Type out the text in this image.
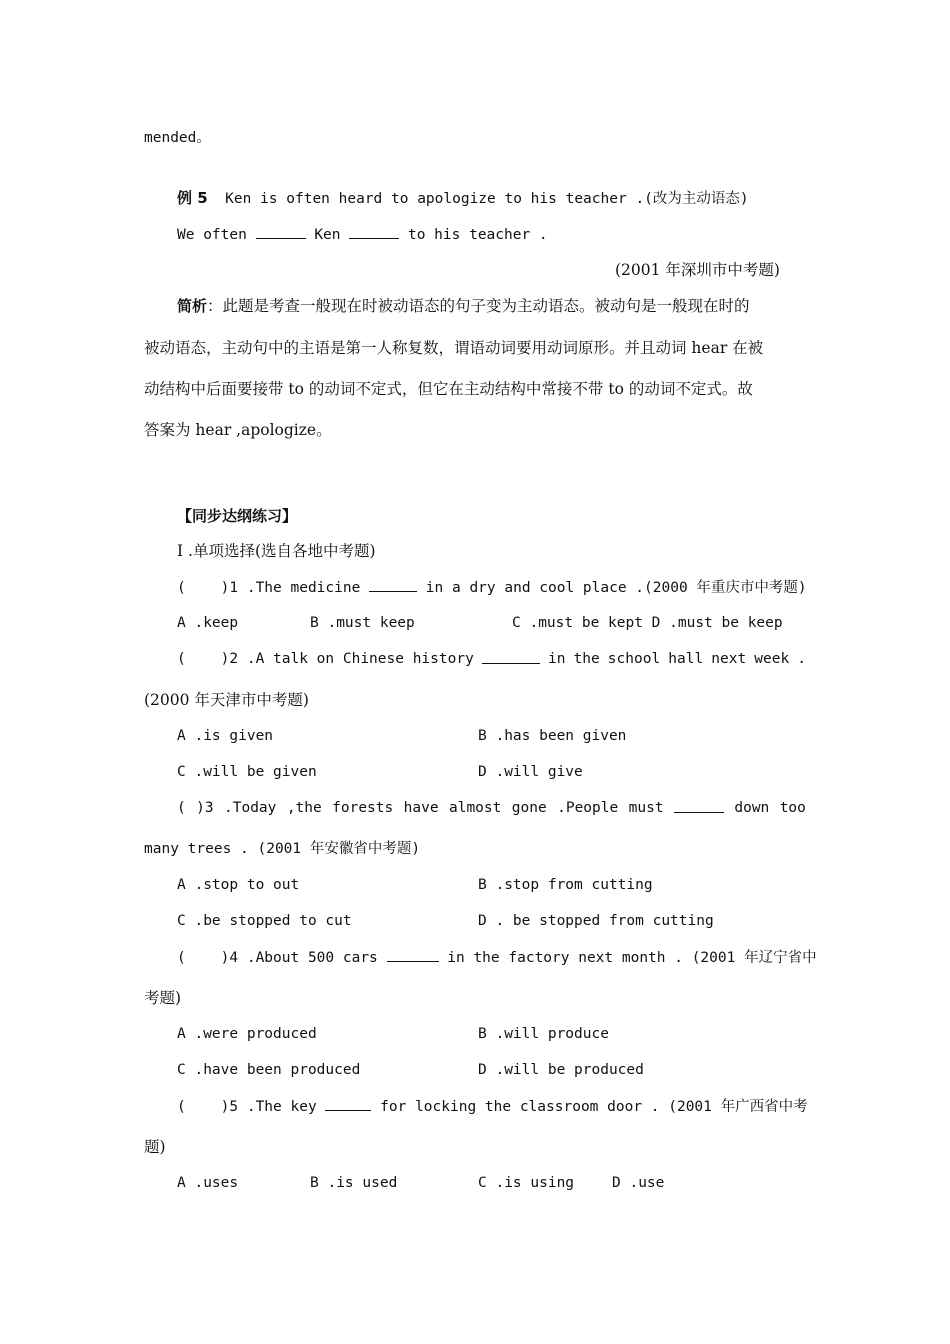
mended。
例 5 Ken is often heard to apologize to his teacher .(改为主动语态)
We often	Ken	to his teacher .
(2001 年深圳市中考题)
简析：此题是考查一般现在时被动语态的句子变为主动语态。被动句是一般现在时的
被动语态，主动句中的主语是第一人称复数，谓语动词要用动词原形。并且动词 hear 在被
动结构中后面要接带 to 的动词不定式，但它在主动结构中常接不带 to 的动词不定式。故
答案为 hear ,apologize。
【同步达纲练习】
Ⅰ .单项选择(选自各地中考题)
(    )1 .The medicine	in a dry and cool place .(2000 年重庆市中考题)
A .keep	B .must keep	C .must be kept D .must be keep
(    )2 .A talk on Chinese history	in the school hall next week .
(2000 年天津市中考题)
A .is given	B .has been given
C .will be given	D .will give
( )3 .Today ,the forests have almost gone .People must	down too
many trees . (2001 年安徽省中考题)
A .stop to out	B .stop from cutting
C .be stopped to cut	D . be stopped from cutting
(    )4 .About 500 cars	in the factory next month . (2001 年辽宁省中
考题)
A .were produced	B .will produce
C .have been produced	D .will be produced
(    )5 .The key	for locking the classroom door . (2001 年广西省中考
题)
A .uses	B .is used	C .is using	D .use
